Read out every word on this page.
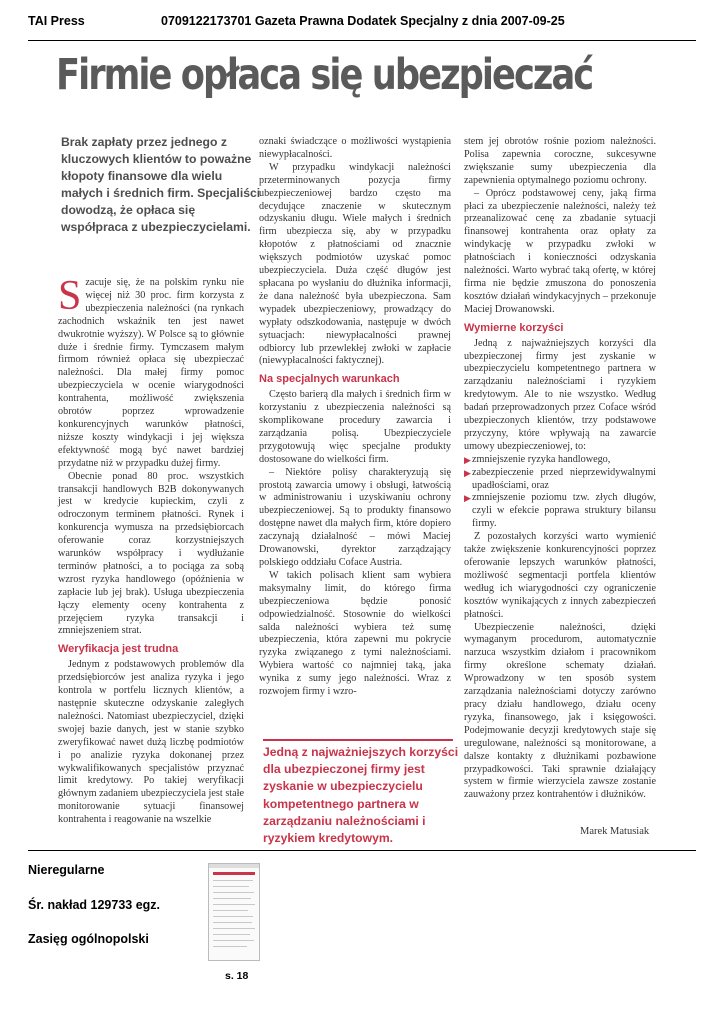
TAI Press	0709122173701 Gazeta Prawna Dodatek Specjalny z dnia 2007-09-25
Firmie opłaca się ubezpieczać
Brak zapłaty przez jednego z kluczowych klientów to poważne kłopoty finansowe dla wielu małych i średnich firm. Specjaliści dowodzą, że opłaca się współpraca z ubezpieczycielami.

Szacuje się, że na polskim rynku nie więcej niż 30 proc. firm korzysta z ubezpieczenia należności (na rynkach zachodnich wskaźnik ten jest nawet dwukrotnie wyższy). W Polsce są to głównie duże i średnie firmy. Tymczasem małym firmom również opłaca się ubezpieczać należności. Dla małej firmy pomoc ubezpieczyciela w ocenie wiarygodności kontrahenta, możliwość zwiększenia obrotów poprzez wprowadzenie konkurencyjnych warunków płatności, niższe koszty windykacji i jej większa efektywność mogą być nawet bardziej przydatne niż w przypadku dużej firmy.

Obecnie ponad 80 proc. wszystkich transakcji handlowych B2B dokonywanych jest w kredycie kupieckim, czyli z odroczonym terminem płatności. Rynek i konkurencja wymusza na przedsiębiorcach oferowanie coraz korzystniejszych warunków współpracy i wydłużanie terminów płatności, a to pociąga za sobą wzrost ryzyka handlowego (opóźnienia w zapłacie lub jej brak). Usługa ubezpieczenia łączy elementy oceny kontrahenta z przejęciem ryzyka transakcji i zmniejszeniem strat.

Weryfikacja jest trudna

Jednym z podstawowych problemów dla przedsiębiorców jest analiza ryzyka i jego kontrola w portfelu licznych klientów, a następnie skuteczne odzyskanie zaległych należności. Natomiast ubezpieczyciel, dzięki swojej bazie danych, jest w stanie szybko zweryfikować nawet dużą liczbę podmiotów i po analizie ryzyka dokonanej przez wykwalifikowanych specjalistów przyznać limit kredytowy. Po takiej weryfikacji głównym zadaniem ubezpieczyciela jest stałe monitorowanie sytuacji finansowej kontrahenta i reagowanie na wszelkie

oznaki świadczące o możliwości wystąpienia niewypłacalności.

W przypadku windykacji należności przeterminowanych pozycja firmy ubezpieczeniowej bardzo często ma decydujące znaczenie w skutecznym odzyskaniu długu. Wiele małych i średnich firm ubezpiecza się, aby w przypadku kłopotów z płatnościami od znacznie większych podmiotów uzyskać pomoc ubezpieczyciela. Duża część długów jest spłacana po wysłaniu do dłużnika informacji, że dana należność była ubezpieczona. Sam wypadek ubezpieczeniowy, prowadzący do wypłaty odszkodowania, następuje w dwóch sytuacjach: niewypłacalności prawnej odbiorcy lub przewlekłej zwłoki w zapłacie (niewypłacalności faktycznej).

Na specjalnych warunkach

Często barierą dla małych i średnich firm w korzystaniu z ubezpieczenia należności są skomplikowane procedury zawarcia i zarządzania polisą. Ubezpieczyciele przygotowują więc specjalne produkty dostosowane do wielkości firm.

– Niektóre polisy charakteryzują się prostotą zawarcia umowy i obsługi, łatwością w administrowaniu i uzyskiwaniu ochrony ubezpieczeniowej. Są to produkty finansowo dostępne nawet dla małych firm, które dopiero zaczynają działalność – mówi Maciej Drowanowski, dyrektor zarządzający polskiego oddziału Coface Austria.

W takich polisach klient sam wybiera maksymalny limit, do którego firma ubezpieczeniowa będzie ponosić odpowiedzialność. Stosownie do wielkości salda należności wybiera też sumę ubezpieczenia, która zapewni mu pokrycie ryzyka związanego z tymi należnościami. Wybiera wartość co najmniej taką, jaka wynika z sumy jego należności. Wraz z rozwojem firmy i wzro-

stem jej obrotów rośnie poziom należności. Polisa zapewnia coroczne, sukcesywne zwiększanie sumy ubezpieczenia dla zapewnienia optymalnego poziomu ochrony.

– Oprócz podstawowej ceny, jaką firma płaci za ubezpieczenie należności, należy też przeanalizować cenę za zbadanie sytuacji finansowej kontrahenta oraz opłaty za windykację w przypadku zwłoki w płatnościach i konieczności odzyskania należności. Warto wybrać taką ofertę, w której firma nie będzie zmuszona do ponoszenia kosztów działań windykacyjnych – przekonuje Maciej Drowanowski.

Wymierne korzyści

Jedną z najważniejszych korzyści dla ubezpieczonej firmy jest zyskanie w ubezpieczycielu kompetentnego partnera w zarządzaniu należnościami i ryzykiem kredytowym. Ale to nie wszystko. Według badań przeprowadzonych przez Coface wśród ubezpieczonych klientów, trzy podstawowe przyczyny, które wpływają na zawarcie umowy ubezpieczeniowej, to:

▶ zmniejszenie ryzyka handlowego,
▶ zabezpieczenie przed nieprzewidywalnymi upadłościami, oraz
▶ zmniejszenie poziomu tzw. złych długów, czyli w efekcie poprawa struktury bilansu firmy.

Z pozostałych korzyści warto wymienić także zwiększenie konkurencyjności poprzez oferowanie lepszych warunków płatności, możliwość segmentacji portfela klientów według ich wiarygodności czy ograniczenie kosztów wynikających z innych zabezpieczeń płatności.

Ubezpieczenie należności, dzięki wymaganym procedurom, automatycznie narzuca wszystkim działom i pracownikom firmy określone schematy działań. Wprowadzony w ten sposób system zarządzania należnościami dotyczy zarówno pracy działu handlowego, działu oceny ryzyka, finansowego, jak i księgowości. Podejmowanie decyzji kredytowych staje się uregulowane, należności są monitorowane, a dalsze kontakty z dłużnikami pozbawione przypadkowości. Taki sprawnie działający system w firmie wierzyciela zawsze zostanie zauważony przez kontrahentów i dłużników.

Jedną z najważniejszych korzyści dla ubezpieczonej firmy jest zyskanie w ubezpieczycielu kompetentnego partnera w zarządzaniu należnościami i ryzykiem kredytowym.	Marek Matusiak
Nieregularne
Śr. nakład 129733 egz.
Zasięg ogólnopolski
s. 18
